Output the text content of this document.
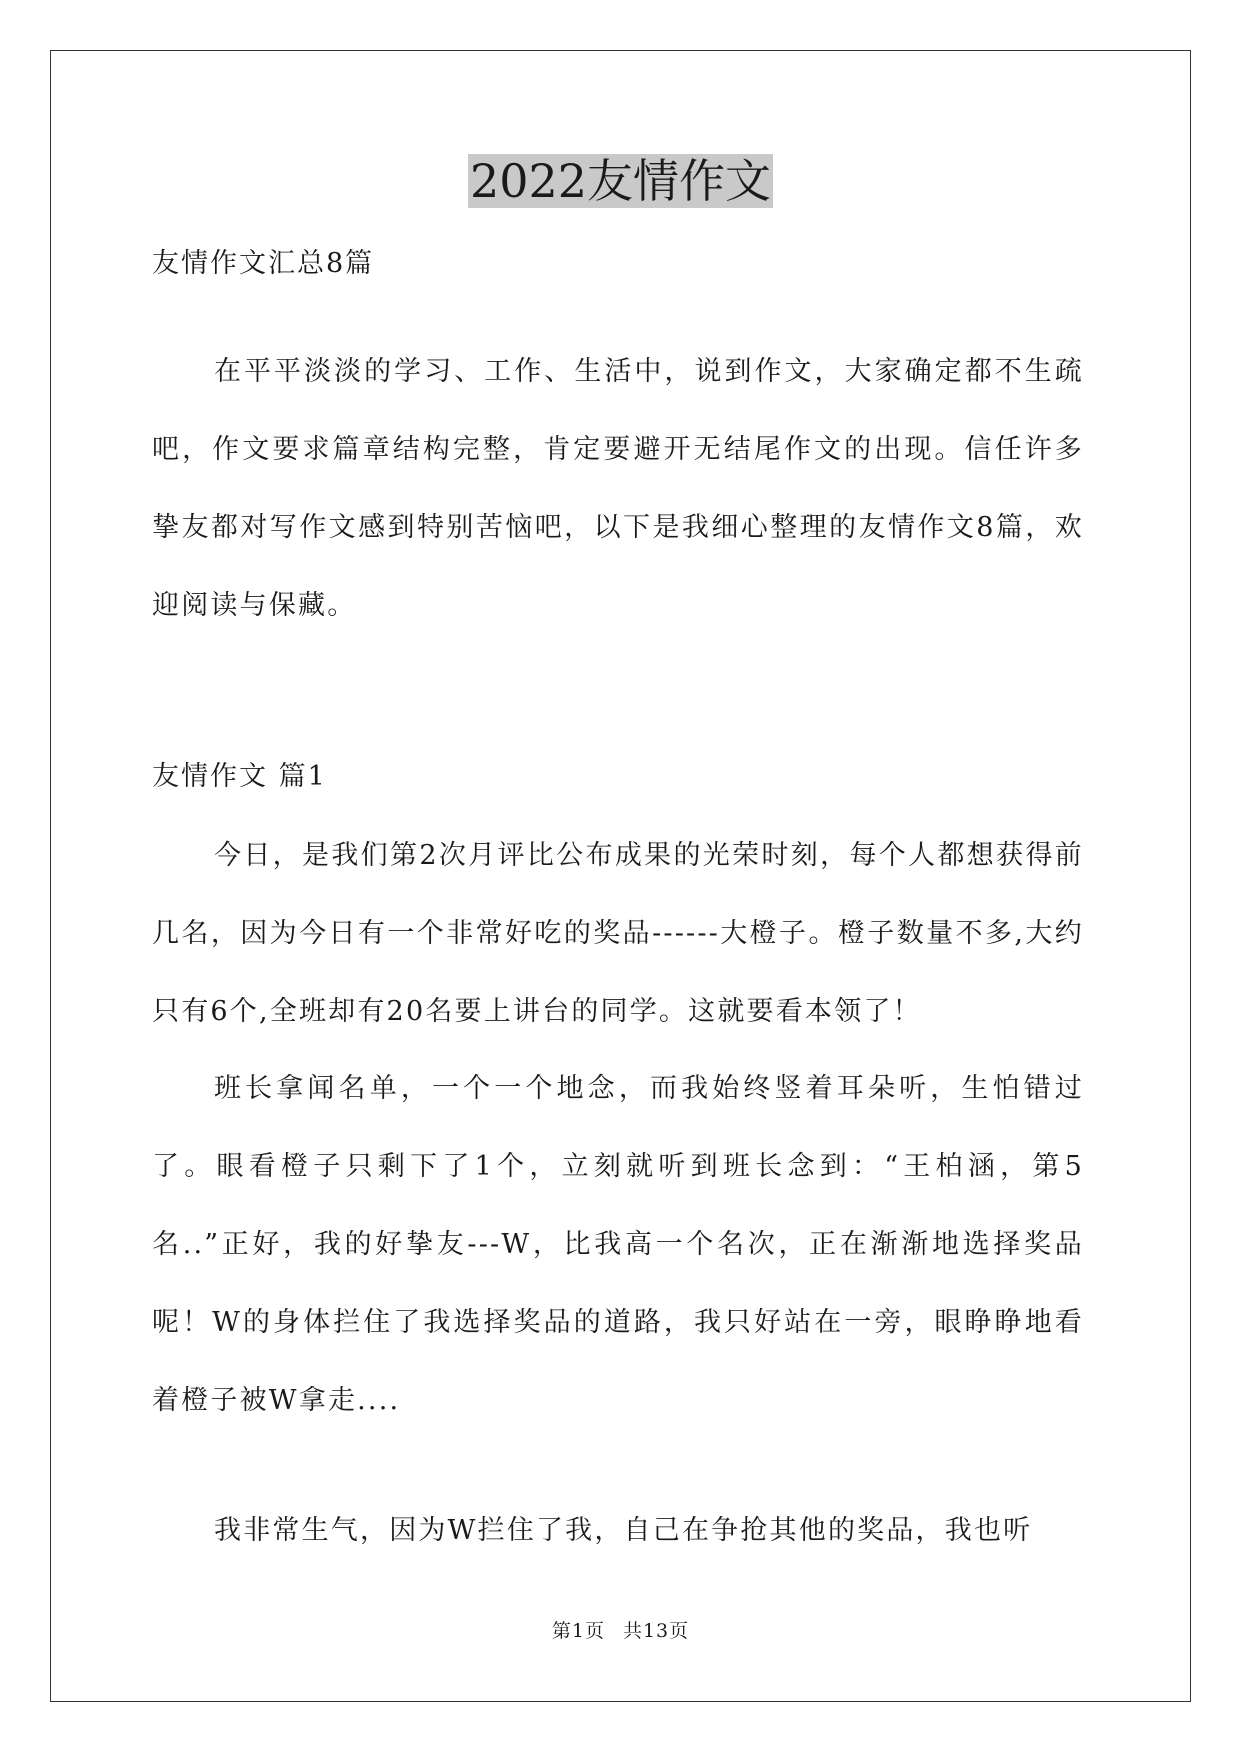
2022友情作文

友情作文汇总8篇

在平平淡淡的学习、工作、生活中，说到作文，大家确定都不生疏吧，作文要求篇章结构完整，肯定要避开无结尾作文的出现。信任许多挚友都对写作文感到特别苦恼吧，以下是我细心整理的友情作文8篇，欢迎阅读与保藏。

友情作文 篇1

今日，是我们第2次月评比公布成果的光荣时刻，每个人都想获得前几名，因为今日有一个非常好吃的奖品------大橙子。橙子数量不多,大约只有6个,全班却有20名要上讲台的同学。这就要看本领了！

班长拿闻名单，一个一个地念，而我始终竖着耳朵听，生怕错过了。眼看橙子只剩下了1个，立刻就听到班长念到：“王柏涵，第5名..”正好，我的好挚友---W，比我高一个名次，正在渐渐地选择奖品呢！W的身体拦住了我选择奖品的道路，我只好站在一旁，眼睁睁地看着橙子被W拿走....

我非常生气，因为W拦住了我，自己在争抢其他的奖品，我也听

第1页 共13页
